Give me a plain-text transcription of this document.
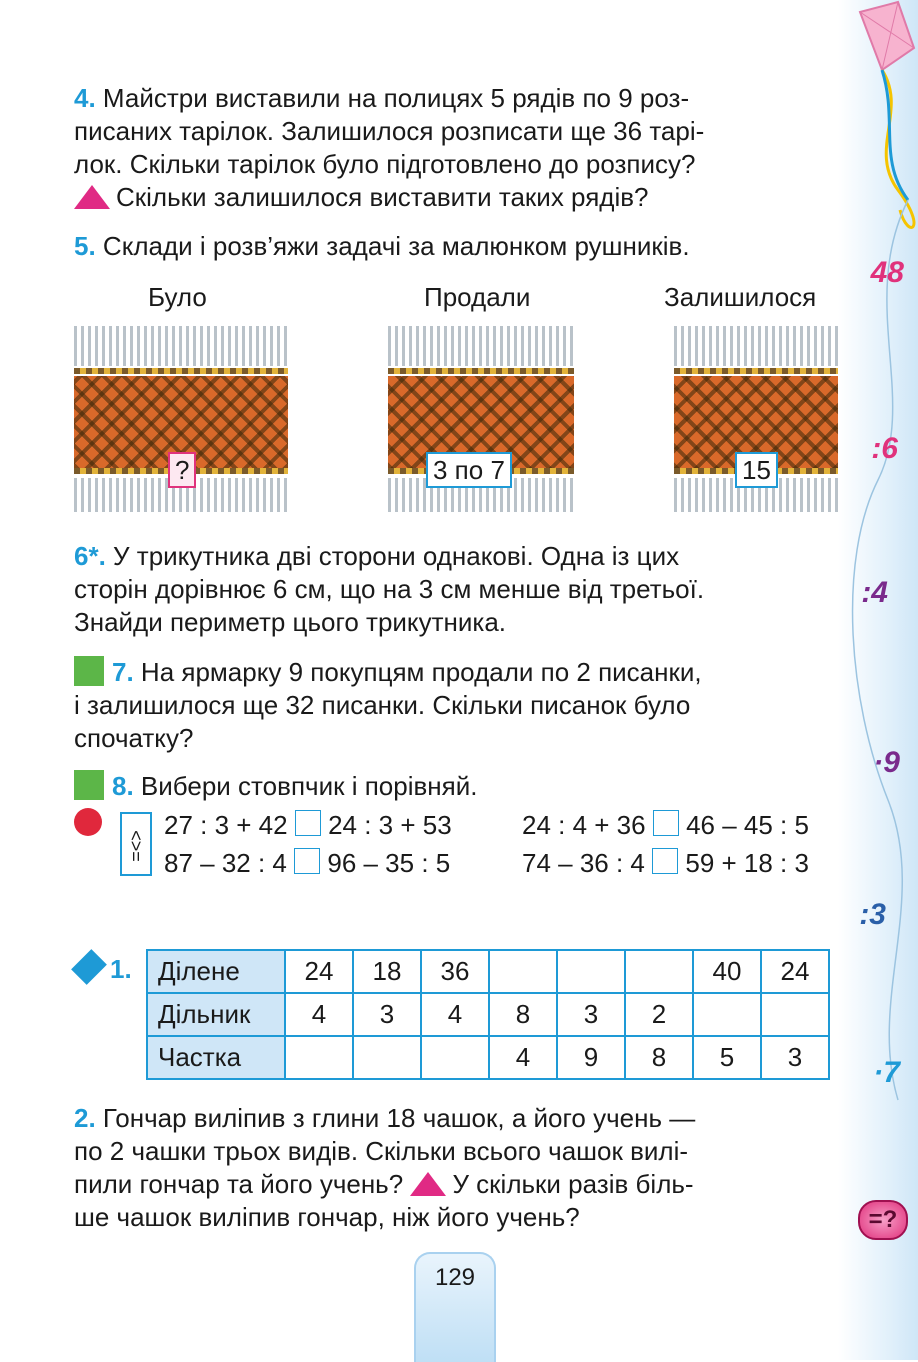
48
:6
:4
·9
:3
·7
=?
4. Майстри виставили на полицях 5 рядів по 9 роз-
писаних тарілок. Залишилося розписати ще 36 тарі-
лок. Скільки тарілок було підготовлено до розпису?
Скільки залишилося виставити таких рядів?
5. Склади і розв’яжи задачі за малюнком рушників.
Було	Продали	Залишилося
?	3 по 7	15
6*. У трикутника дві сторони однакові. Одна із цих
сторін дорівнює 6 см, що на 3 см менше від третьої.
Знайди периметр цього трикутника.
7. На ярмарку 9 покупцям продали по 2 писанки,
і залишилося ще 32 писанки. Скільки писанок було
спочатку?
8. Вибери стовпчик і порівняй.
<>=
27 : 3 + 42 24 : 3 + 53	24 : 4 + 36 46 – 45 : 5
87 – 32 : 4 96 – 35 : 5	74 – 36 : 4 59 + 18 : 3
1. Ділене	24	18	36				40	24
Дільник	4	3	4	8	3	2		
Частка				4	9	8	5	3
2. Гончар виліпив з глини 18 чашок, а його учень —
по 2 чашки трьох видів. Скільки всього чашок вилі-
пили гончар та його учень? У скільки разів біль-
ше чашок виліпив гончар, ніж його учень?
129
